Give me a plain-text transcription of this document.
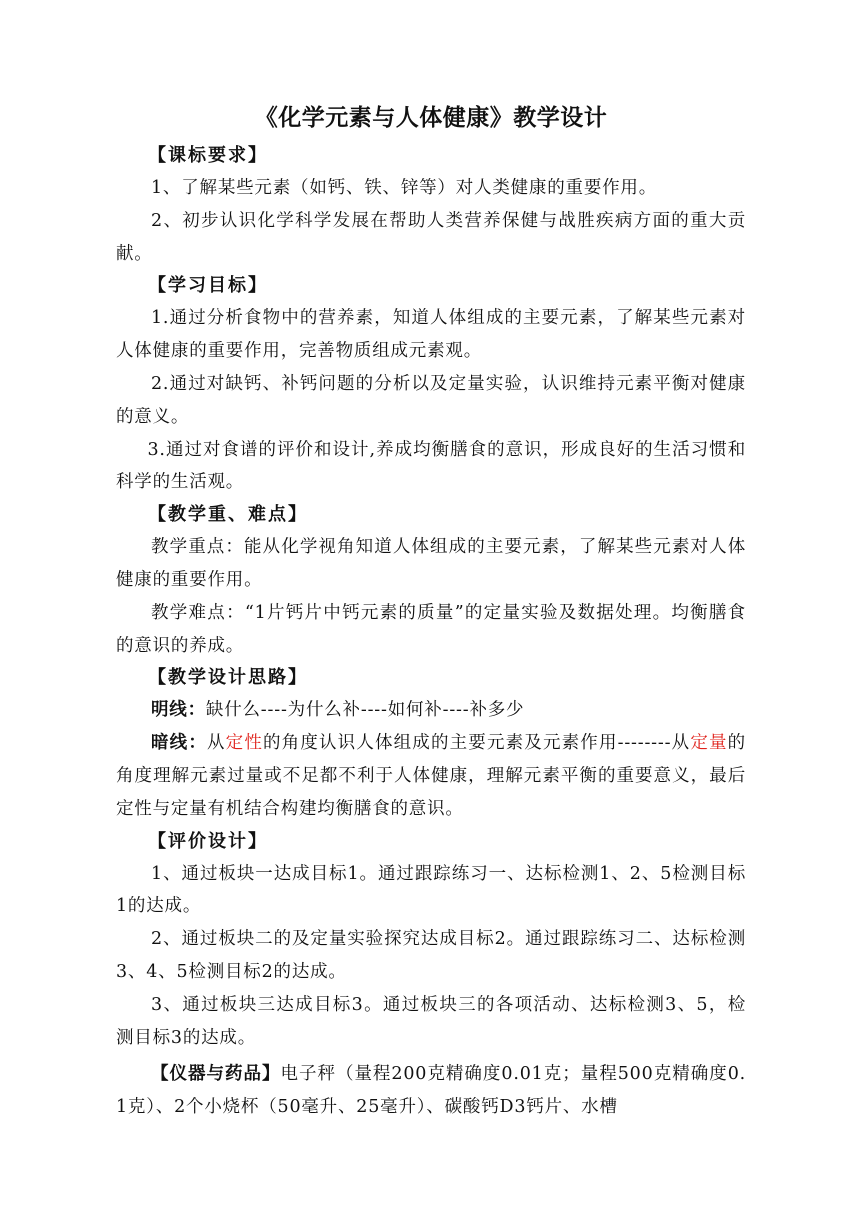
《化学元素与人体健康》教学设计
【课标要求】

1、了解某些元素（如钙、铁、锌等）对人类健康的重要作用。

2、初步认识化学科学发展在帮助人类营养保健与战胜疾病方面的重大贡献。

【学习目标】

1.通过分析食物中的营养素，知道人体组成的主要元素，了解某些元素对人体健康的重要作用，完善物质组成元素观。

2.通过对缺钙、补钙问题的分析以及定量实验，认识维持元素平衡对健康的意义。

3.通过对食谱的评价和设计,养成均衡膳食的意识，形成良好的生活习惯和科学的生活观。

【教学重、难点】

教学重点：能从化学视角知道人体组成的主要元素，了解某些元素对人体健康的重要作用。

教学难点：“1片钙片中钙元素的质量”的定量实验及数据处理。均衡膳食的意识的养成。

【教学设计思路】

明线：缺什么----为什么补----如何补----补多少

暗线：从定性的角度认识人体组成的主要元素及元素作用--------从定量的角度理解元素过量或不足都不利于人体健康，理解元素平衡的重要意义，最后定性与定量有机结合构建均衡膳食的意识。

【评价设计】

1、通过板块一达成目标1。通过跟踪练习一、达标检测1、2、5检测目标1的达成。

2、通过板块二的及定量实验探究达成目标2。通过跟踪练习二、达标检测3、4、5检测目标2的达成。

3、通过板块三达成目标3。通过板块三的各项活动、达标检测3、5，检测目标3的达成。

【仪器与药品】电子秤（量程200克精确度0.01克；量程500克精确度0.1克）、2个小烧杯（50毫升、25毫升）、碳酸钙D3钙片、水槽
